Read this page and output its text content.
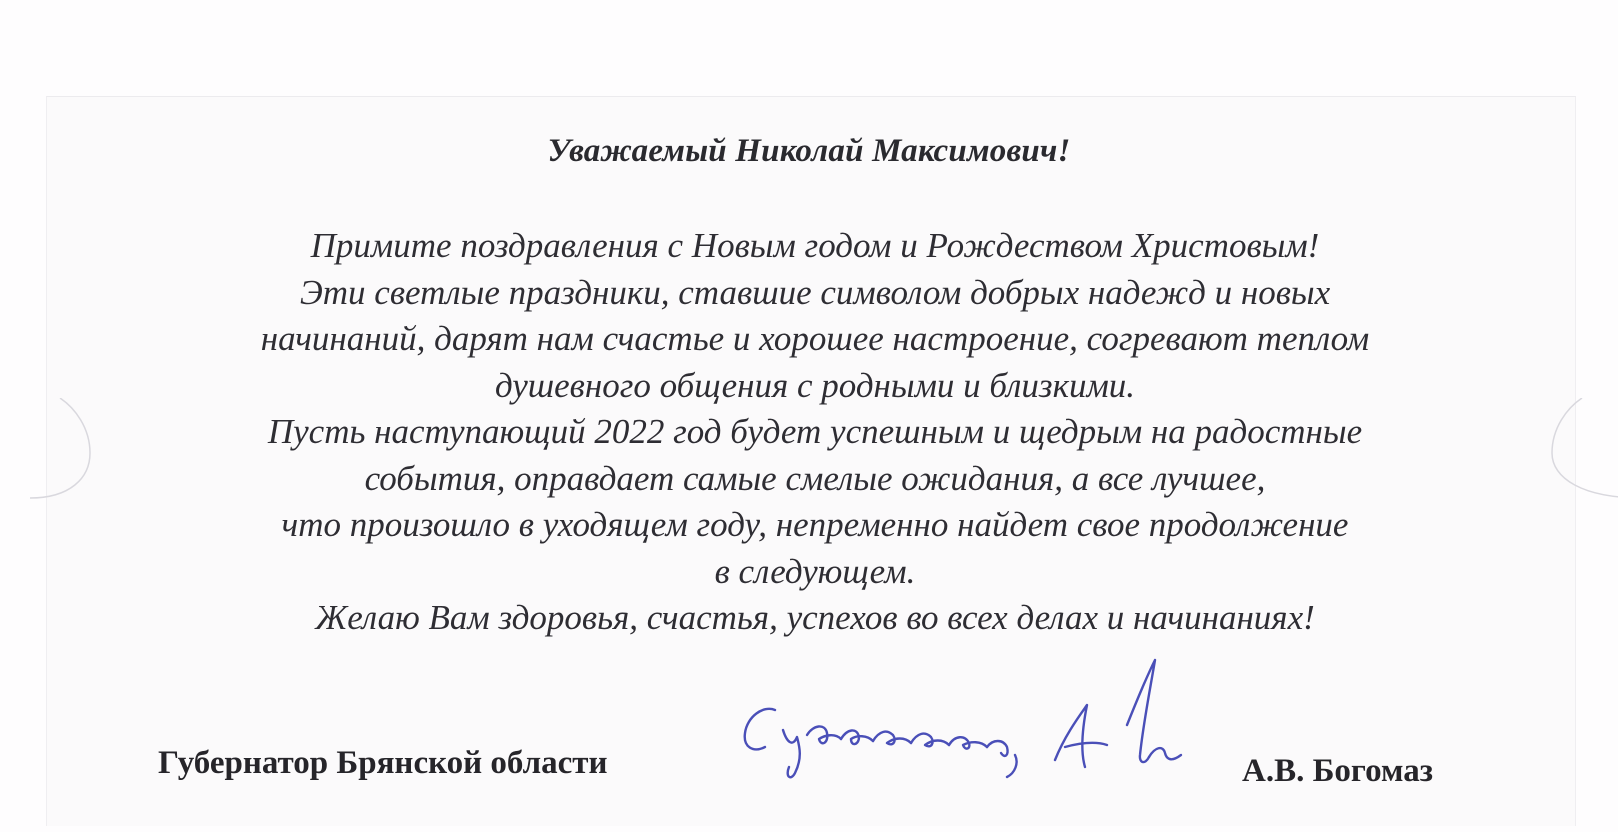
Уважаемый Николай Максимович!
Примите поздравления с Новым годом и Рождеством Христовым!
Эти светлые праздники, ставшие символом добрых надежд и новых
начинаний, дарят нам счастье и хорошее настроение, согревают теплом
душевного общения с родными и близкими.
Пусть наступающий 2022 год будет успешным и щедрым на радостные
события, оправдает самые смелые ожидания, а все лучшее,
что произошло в уходящем году, непременно найдет свое продолжение
в следующем.
Желаю Вам здоровья, счастья, успехов во всех делах и начинаниях!
Губернатор Брянской области	А.В. Богомаз
